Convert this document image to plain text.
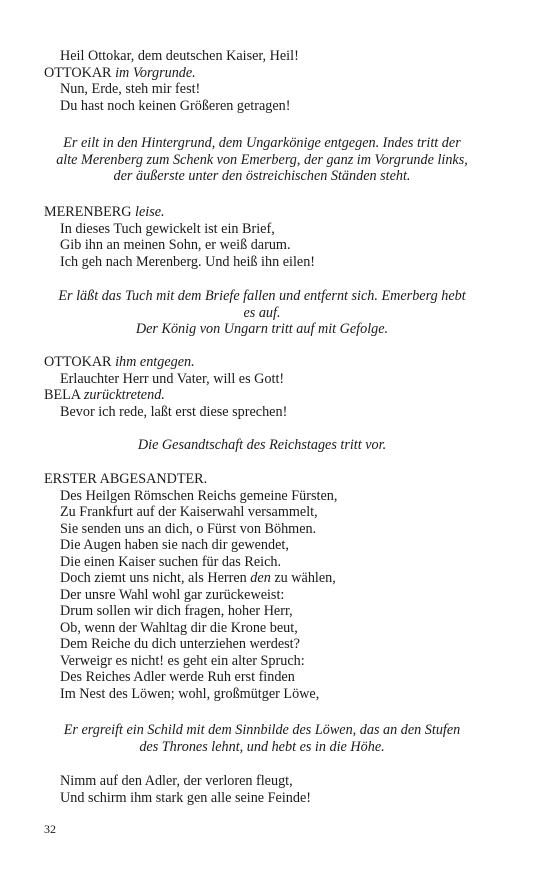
Heil Ottokar, dem deutschen Kaiser, Heil!
OTTOKAR im Vorgrunde.
Nun, Erde, steh mir fest!
Du hast noch keinen Größeren getragen!
Er eilt in den Hintergrund, dem Ungarkönige entgegen. Indes tritt der
alte Merenberg zum Schenk von Emerberg, der ganz im Vorgrunde links,
der äußerste unter den östreichischen Ständen steht.
MERENBERG leise.
In dieses Tuch gewickelt ist ein Brief,
Gib ihn an meinen Sohn, er weiß darum.
Ich geh nach Merenberg. Und heiß ihn eilen!
Er läßt das Tuch mit dem Briefe fallen und entfernt sich. Emerberg hebt
es auf.
Der König von Ungarn tritt auf mit Gefolge.
OTTOKAR ihm entgegen.
Erlauchter Herr und Vater, will es Gott!
BELA zurücktretend.
Bevor ich rede, laßt erst diese sprechen!
Die Gesandtschaft des Reichstages tritt vor.
ERSTER ABGESANDTER.
Des Heilgen Römschen Reichs gemeine Fürsten,
Zu Frankfurt auf der Kaiserwahl versammelt,
Sie senden uns an dich, o Fürst von Böhmen.
Die Augen haben sie nach dir gewendet,
Die einen Kaiser suchen für das Reich.
Doch ziemt uns nicht, als Herren den zu wählen,
Der unsre Wahl wohl gar zurückeweist:
Drum sollen wir dich fragen, hoher Herr,
Ob, wenn der Wahltag dir die Krone beut,
Dem Reiche du dich unterziehen werdest?
Verweigr es nicht! es geht ein alter Spruch:
Des Reiches Adler werde Ruh erst finden
Im Nest des Löwen; wohl, großmütger Löwe,
Er ergreift ein Schild mit dem Sinnbilde des Löwen, das an den Stufen
des Thrones lehnt, und hebt es in die Höhe.
Nimm auf den Adler, der verloren fleugt,
Und schirm ihm stark gen alle seine Feinde!
32
